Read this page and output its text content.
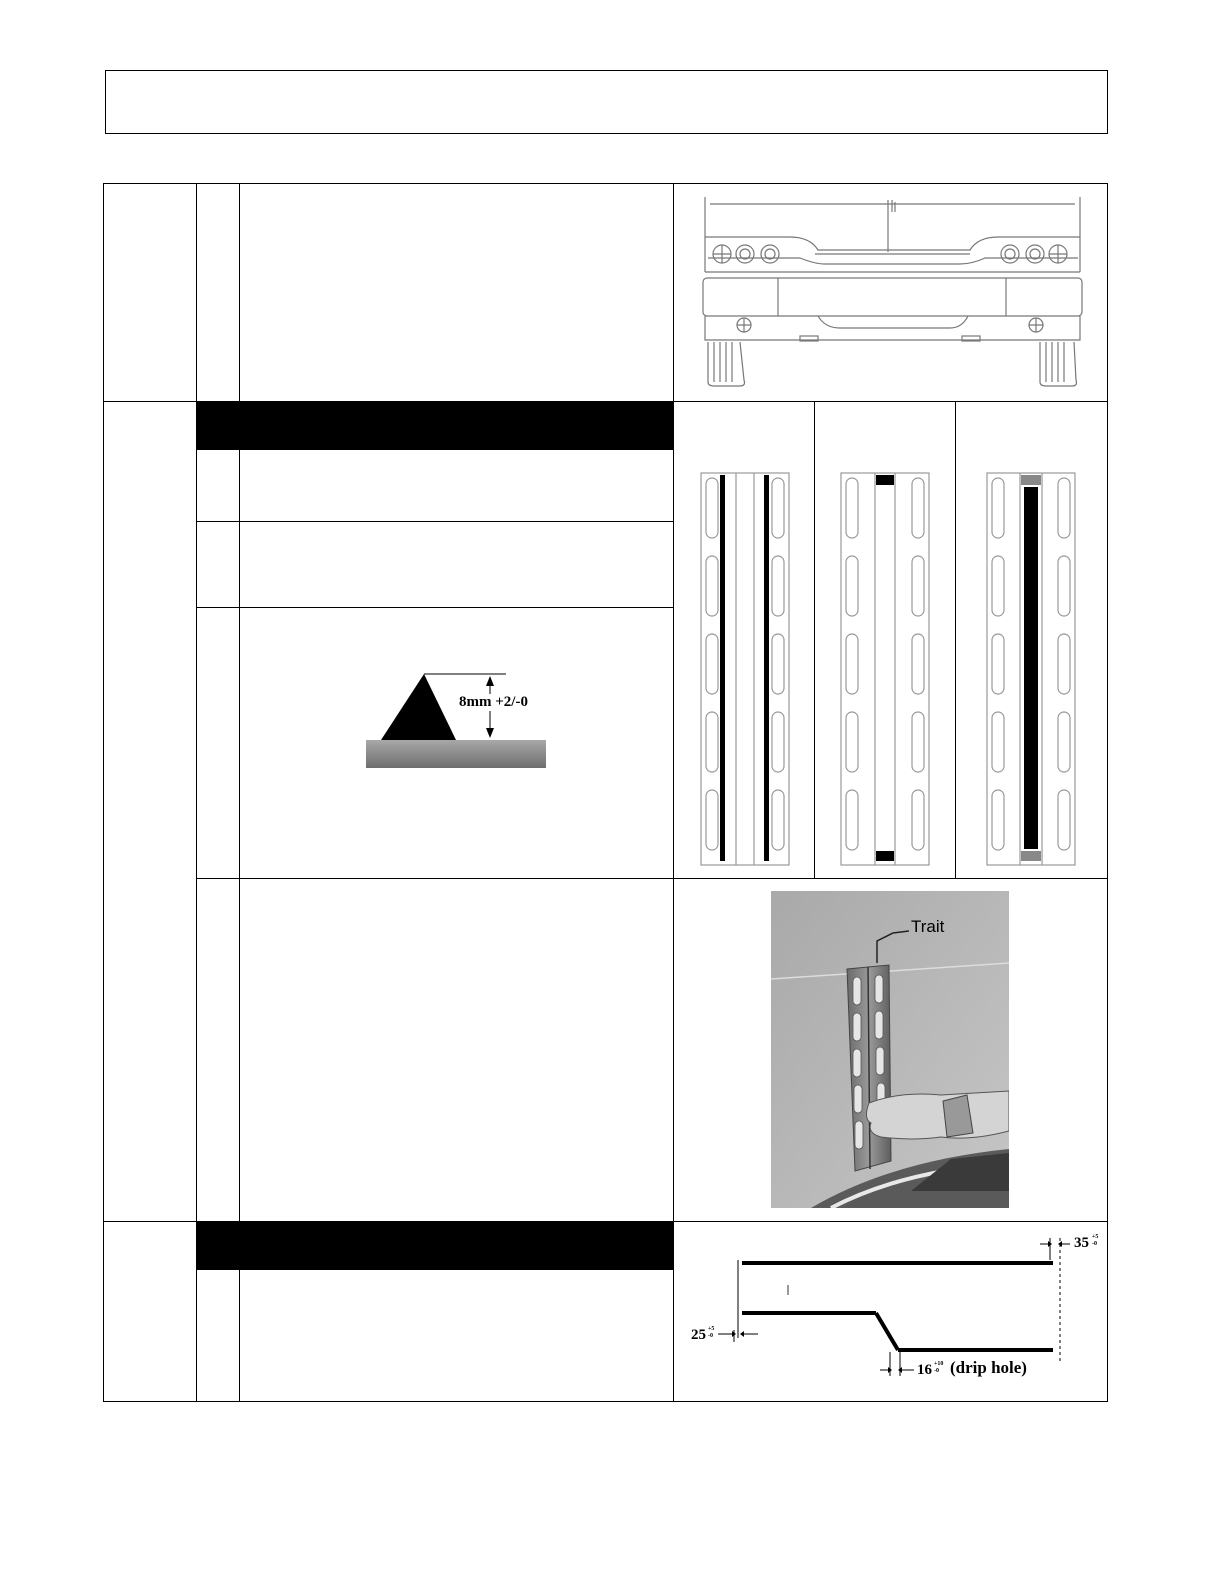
8mm +2/-0
Trait
35 +5 -0
25 +5 -0
16 +10 -0 (drip hole)
